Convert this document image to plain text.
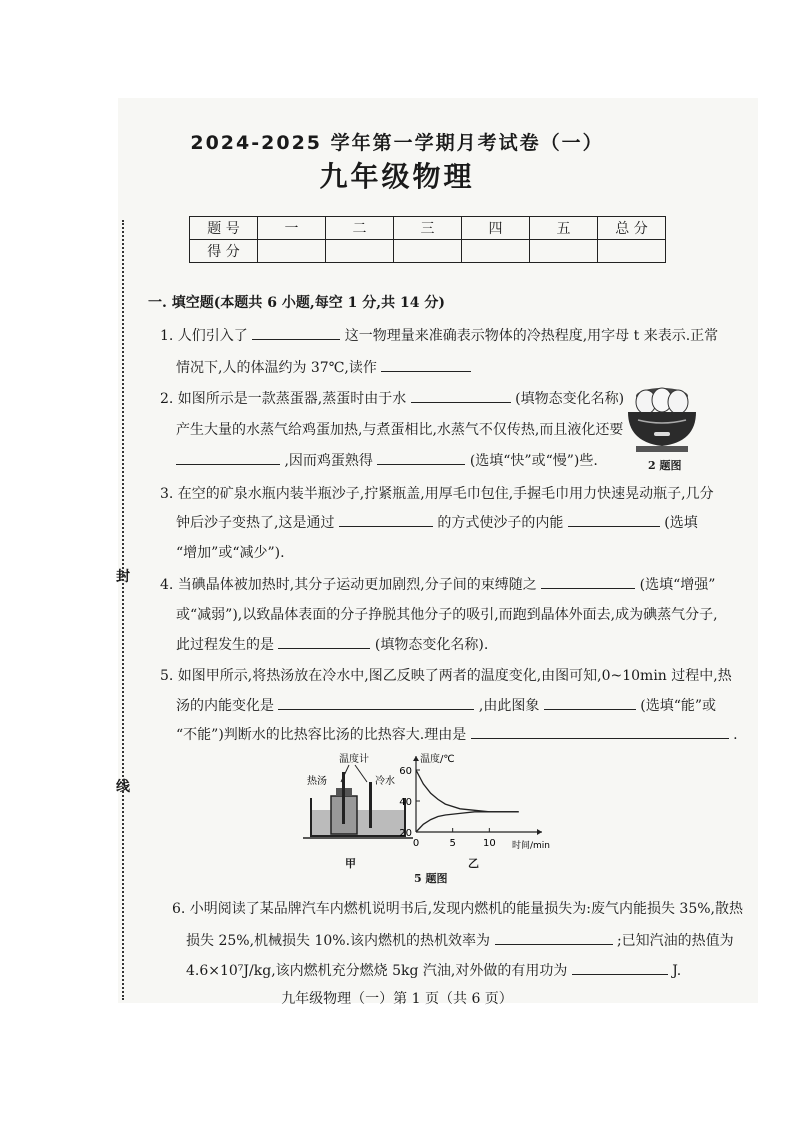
封
线
2024-2025 学年第一学期月考试卷（一）
九年级物理
题 号	一	二	三	四	五	总 分
得 分						
一. 填空题(本题共 6 小题,每空 1 分,共 14 分)
1. 人们引入了	这一物理量来准确表示物体的冷热程度,用字母 t 来表示.正常
情况下,人的体温约为 37℃,读作
2. 如图所示是一款蒸蛋器,蒸蛋时由于水	(填物态变化名称)
产生大量的水蒸气给鸡蛋加热,与煮蛋相比,水蒸气不仅传热,而且液化还要
,因而鸡蛋熟得	(选填“快”或“慢”)些.	2 题图
3. 在空的矿泉水瓶内装半瓶沙子,拧紧瓶盖,用厚毛巾包住,手握毛巾用力快速晃动瓶子,几分
钟后沙子变热了,这是通过	的方式使沙子的内能	(选填
“增加”或“减少”).
4. 当碘晶体被加热时,其分子运动更加剧烈,分子间的束缚随之	(选填“增强”
或“减弱”),以致晶体表面的分子挣脱其他分子的吸引,而跑到晶体外面去,成为碘蒸气分子,
此过程发生的是	(填物态变化名称).
5. 如图甲所示,将热汤放在冷水中,图乙反映了两者的温度变化,由图可知,0~10min 过程中,热
汤的内能变化是	,由此图象	(选填“能”或
“不能”)判断水的比热容比汤的比热容大.理由是	.
温度计
热汤	冷水
甲
温度/℃
时间/min
20
40
60
0	5	10
乙
5 题图
6. 小明阅读了某品牌汽车内燃机说明书后,发现内燃机的能量损失为:废气内能损失 35%,散热
损失 25%,机械损失 10%.该内燃机的热机效率为	;已知汽油的热值为
4.6×10⁷J/kg,该内燃机充分燃烧 5kg 汽油,对外做的有用功为	J.
九年级物理（一）第 1 页（共 6 页）
